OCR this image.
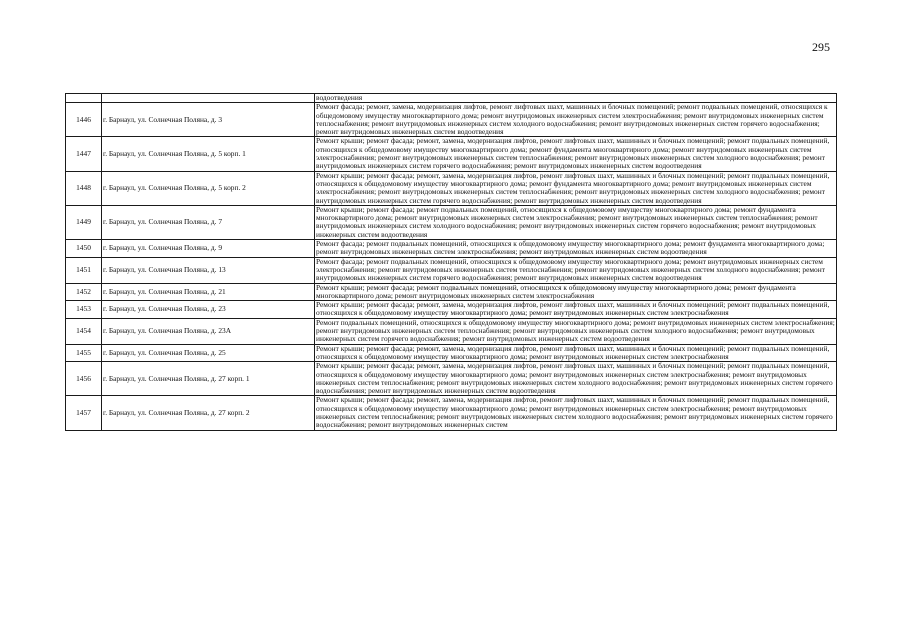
295
		водоотведения
1446	г. Барнаул, ул. Солнечная Поляна, д. 3	Ремонт фасада; ремонт, замена, модернизация лифтов, ремонт лифтовых шахт, машинных и блочных помещений; ремонт подвальных помещений, относящихся к общедомовому имуществу многоквартирного дома; ремонт внутридомовых инженерных систем электроснабжения; ремонт внутридомовых инженерных систем теплоснабжения; ремонт внутридомовых инженерных систем холодного водоснабжения; ремонт внутридомовых инженерных систем горячего водоснабжения; ремонт внутридомовых инженерных систем водоотведения
1447	г. Барнаул, ул. Солнечная Поляна, д. 5 корп. 1	Ремонт крыши; ремонт фасада; ремонт, замена, модернизация лифтов, ремонт лифтовых шахт, машинных и блочных помещений; ремонт подвальных помещений, относящихся к общедомовому имуществу многоквартирного дома; ремонт фундамента многоквартирного дома; ремонт внутридомовых инженерных систем электроснабжения; ремонт внутридомовых инженерных систем теплоснабжения; ремонт внутридомовых инженерных систем холодного водоснабжения; ремонт внутридомовых инженерных систем горячего водоснабжения; ремонт внутридомовых инженерных систем водоотведения
1448	г. Барнаул, ул. Солнечная Поляна, д. 5 корп. 2	Ремонт крыши; ремонт фасада; ремонт, замена, модернизация лифтов, ремонт лифтовых шахт, машинных и блочных помещений; ремонт подвальных помещений, относящихся к общедомовому имуществу многоквартирного дома; ремонт фундамента многоквартирного дома; ремонт внутридомовых инженерных систем электроснабжения; ремонт внутридомовых инженерных систем теплоснабжения; ремонт внутридомовых инженерных систем холодного водоснабжения; ремонт внутридомовых инженерных систем горячего водоснабжения; ремонт внутридомовых инженерных систем водоотведения
1449	г. Барнаул, ул. Солнечная Поляна, д. 7	Ремонт крыши; ремонт фасада; ремонт подвальных помещений, относящихся к общедомовому имуществу многоквартирного дома; ремонт фундамента многоквартирного дома; ремонт внутридомовых инженерных систем электроснабжения; ремонт внутридомовых инженерных систем теплоснабжения; ремонт внутридомовых инженерных систем холодного водоснабжения; ремонт внутридомовых инженерных систем горячего водоснабжения; ремонт внутридомовых инженерных систем водоотведения
1450	г. Барнаул, ул. Солнечная Поляна, д. 9	Ремонт фасада; ремонт подвальных помещений, относящихся к общедомовому имуществу многоквартирного дома; ремонт фундамента многоквартирного дома; ремонт внутридомовых инженерных систем электроснабжения; ремонт внутридомовых инженерных систем водоотведения
1451	г. Барнаул, ул. Солнечная Поляна, д. 13	Ремонт фасада; ремонт подвальных помещений, относящихся к общедомовому имуществу многоквартирного дома; ремонт внутридомовых инженерных систем электроснабжения; ремонт внутридомовых инженерных систем теплоснабжения; ремонт внутридомовых инженерных систем холодного водоснабжения; ремонт внутридомовых инженерных систем горячего водоснабжения; ремонт внутридомовых инженерных систем водоотведения
1452	г. Барнаул, ул. Солнечная Поляна, д. 21	Ремонт крыши; ремонт фасада; ремонт подвальных помещений, относящихся к общедомовому имуществу многоквартирного дома; ремонт фундамента многоквартирного дома; ремонт внутридомовых инженерных систем электроснабжения
1453	г. Барнаул, ул. Солнечная Поляна, д. 23	Ремонт крыши; ремонт фасада; ремонт, замена, модернизация лифтов, ремонт лифтовых шахт, машинных и блочных помещений; ремонт подвальных помещений, относящихся к общедомовому имуществу многоквартирного дома; ремонт внутридомовых инженерных систем электроснабжения
1454	г. Барнаул, ул. Солнечная Поляна, д. 23А	Ремонт подвальных помещений, относящихся к общедомовому имуществу многоквартирного дома; ремонт внутридомовых инженерных систем электроснабжения; ремонт внутридомовых инженерных систем теплоснабжения; ремонт внутридомовых инженерных систем холодного водоснабжения; ремонт внутридомовых инженерных систем горячего водоснабжения; ремонт внутридомовых инженерных систем водоотведения
1455	г. Барнаул, ул. Солнечная Поляна, д. 25	Ремонт крыши; ремонт фасада; ремонт, замена, модернизация лифтов, ремонт лифтовых шахт, машинных и блочных помещений; ремонт подвальных помещений, относящихся к общедомовому имуществу многоквартирного дома; ремонт внутридомовых инженерных систем электроснабжения
1456	г. Барнаул, ул. Солнечная Поляна, д. 27 корп. 1	Ремонт крыши; ремонт фасада; ремонт, замена, модернизация лифтов, ремонт лифтовых шахт, машинных и блочных помещений; ремонт подвальных помещений, относящихся к общедомовому имуществу многоквартирного дома; ремонт внутридомовых инженерных систем электроснабжения; ремонт внутридомовых инженерных систем теплоснабжения; ремонт внутридомовых инженерных систем холодного водоснабжения; ремонт внутридомовых инженерных систем горячего водоснабжения; ремонт внутридомовых инженерных систем водоотведения
1457	г. Барнаул, ул. Солнечная Поляна, д. 27 корп. 2	Ремонт крыши; ремонт фасада; ремонт, замена, модернизация лифтов, ремонт лифтовых шахт, машинных и блочных помещений; ремонт подвальных помещений, относящихся к общедомовому имуществу многоквартирного дома; ремонт внутридомовых инженерных систем электроснабжения; ремонт внутридомовых инженерных систем теплоснабжения; ремонт внутридомовых инженерных систем холодного водоснабжения; ремонт внутридомовых инженерных систем горячего водоснабжения; ремонт внутридомовых инженерных систем
